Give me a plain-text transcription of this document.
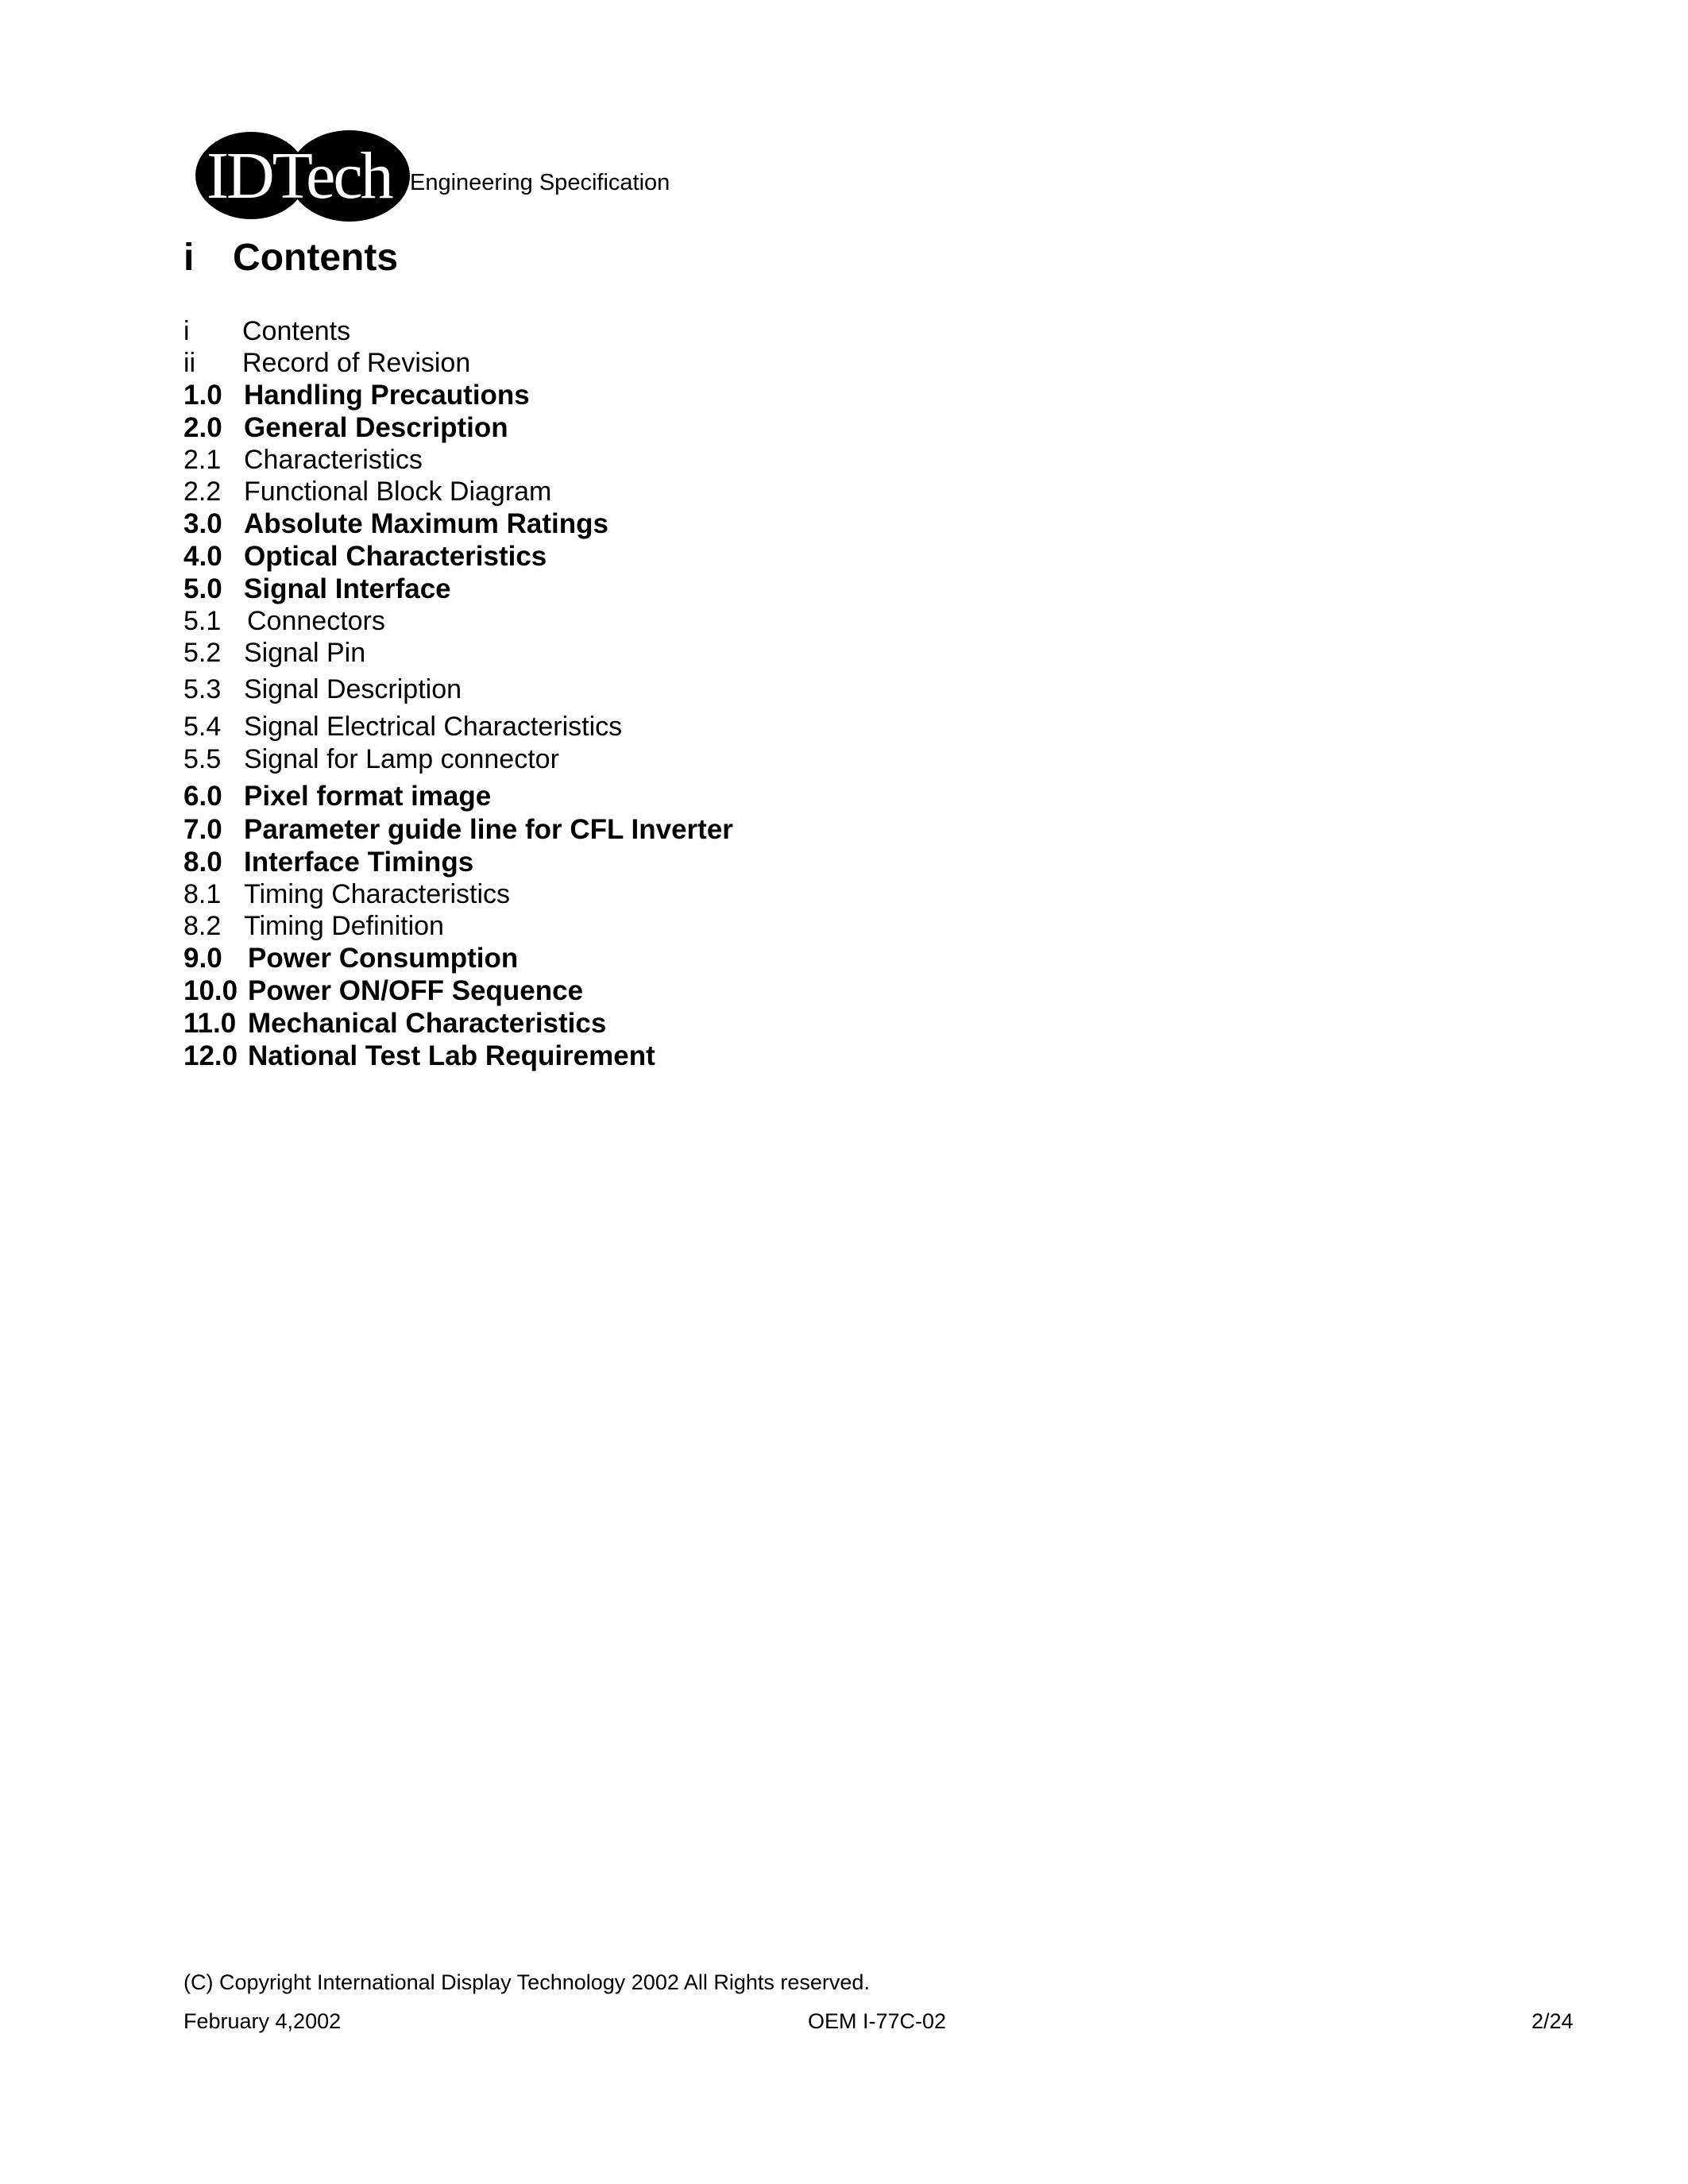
IDTech Engineering Specification
i Contents
i Contents
ii Record of Revision
1.0 Handling Precautions
2.0 General Description
2.1 Characteristics
2.2 Functional Block Diagram
3.0 Absolute Maximum Ratings
4.0 Optical Characteristics
5.0 Signal Interface
5.1 Connectors
5.2 Signal Pin
5.3 Signal Description
5.4 Signal Electrical Characteristics
5.5 Signal for Lamp connector
6.0 Pixel format image
7.0 Parameter guide line for CFL Inverter
8.0 Interface Timings
8.1 Timing Characteristics
8.2 Timing Definition
9.0 Power Consumption
10.0 Power ON/OFF Sequence
11.0 Mechanical Characteristics
12.0 National Test Lab Requirement
(C) Copyright International Display Technology 2002 All Rights reserved.
February 4,2002	OEM I-77C-02	2/24
